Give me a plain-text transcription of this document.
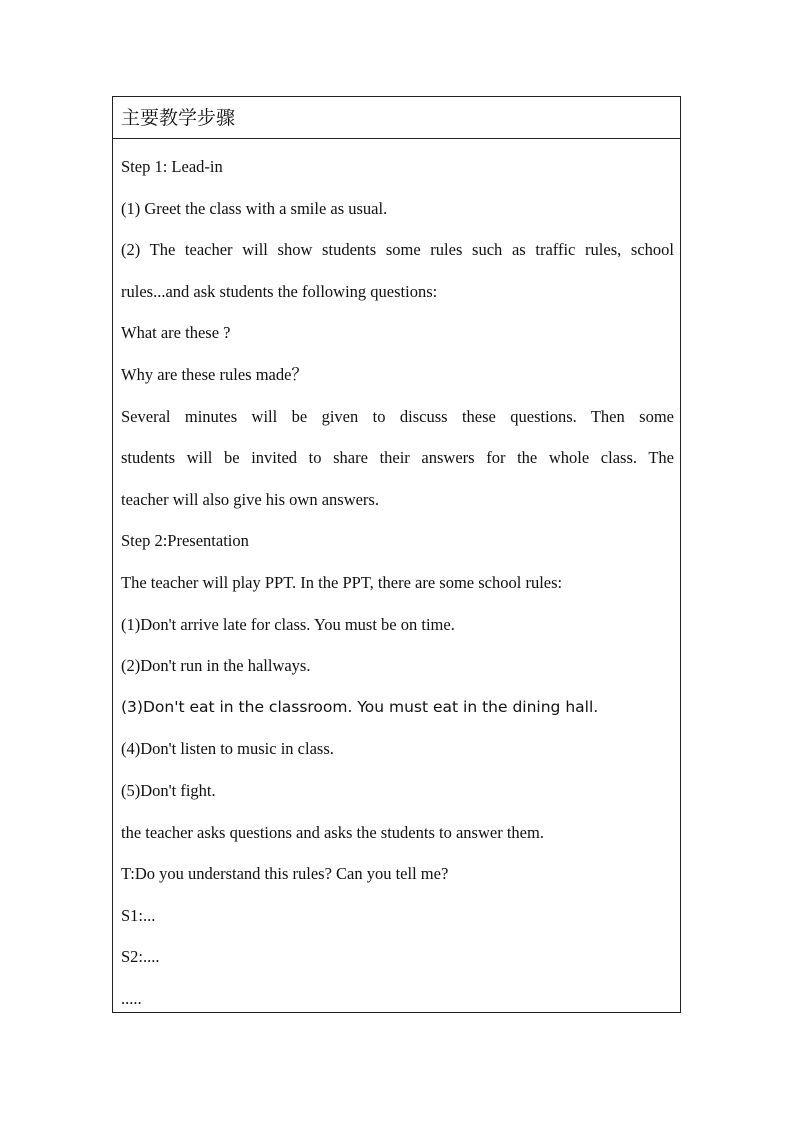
主要教学步骤
Step 1: Lead-in
(1) Greet the class with a smile as usual.
(2) The teacher will show students some rules such as traffic rules, school
rules...and ask students the following questions:
What are these ?
Why are these rules made？
Several minutes will be given to discuss these questions. Then some
students will be invited to share their answers for the whole class. The
teacher will also give his own answers.
Step 2:Presentation
The teacher will play PPT. In the PPT, there are some school rules:
(1)Don't arrive late for class. You must be on time.
(2)Don't run in the hallways.
(3)Don't eat in the classroom. You must eat in the dining hall.
(4)Don't listen to music in class.
(5)Don't fight.
the teacher asks questions and asks the students to answer them.
T:Do you understand this rules? Can you tell me?
S1:...
S2:....
.....
